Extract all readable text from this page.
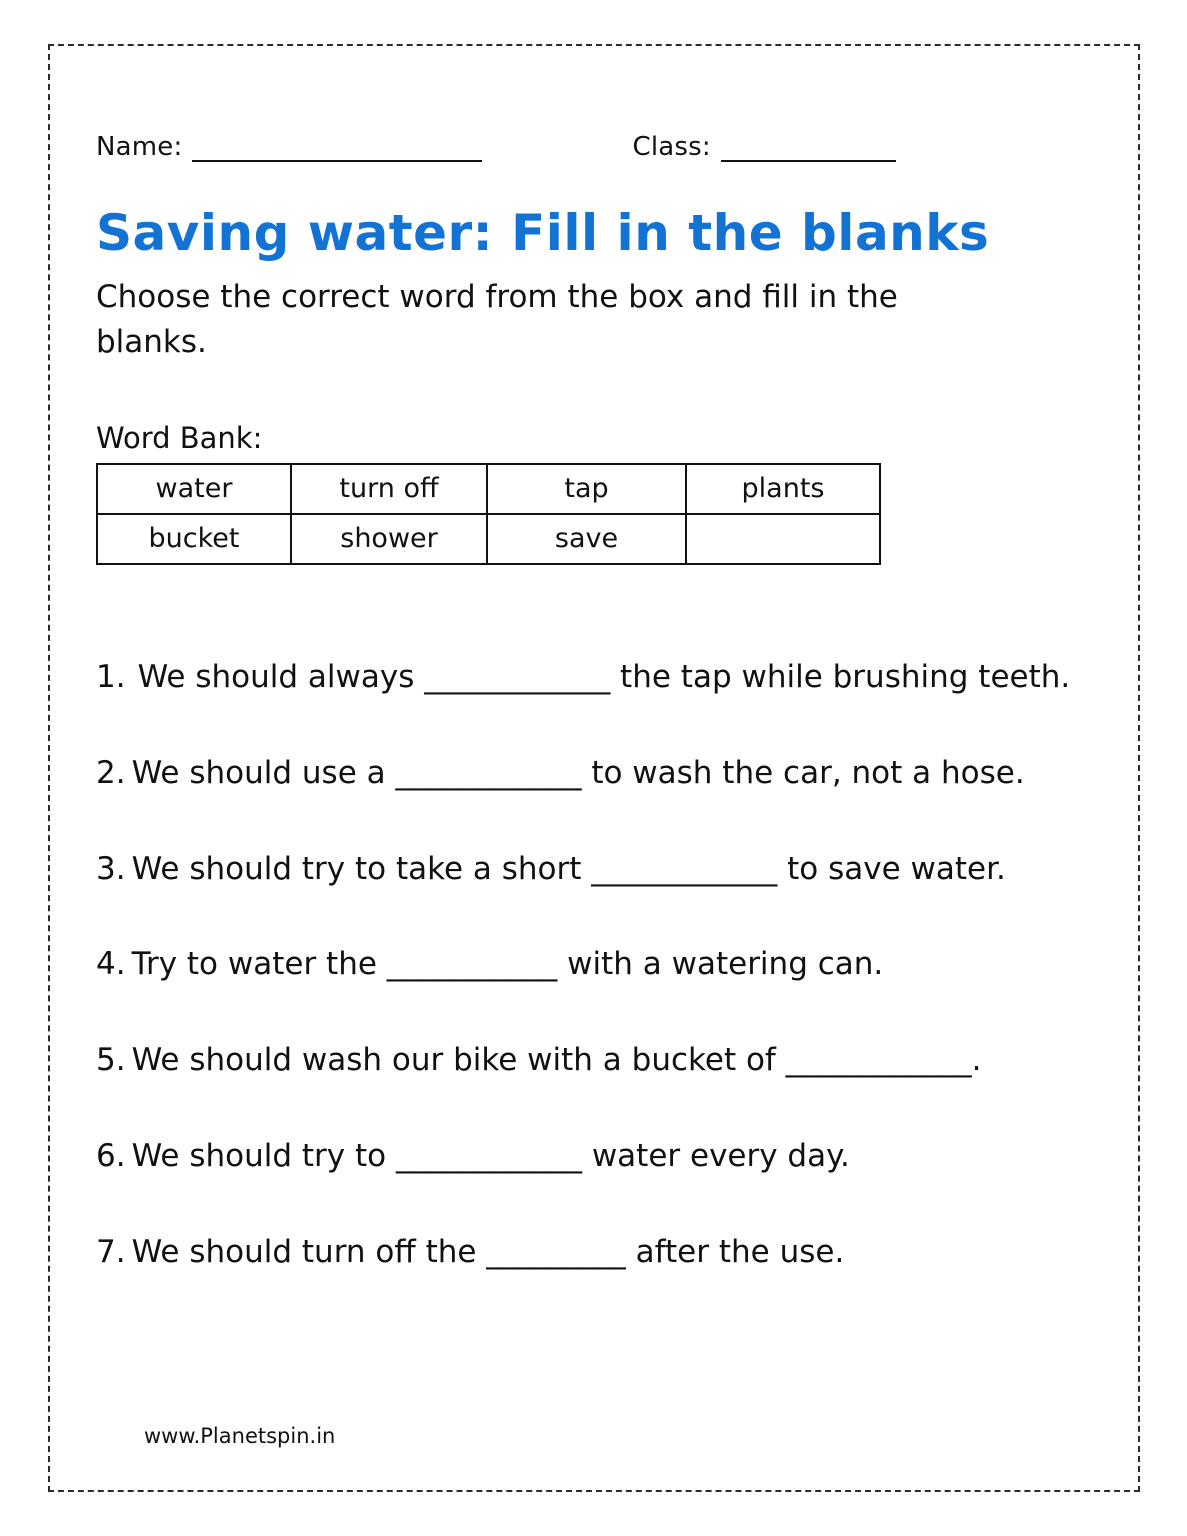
Name:	Class:
Saving water: Fill in the blanks
Choose the correct word from the box and fill in the blanks.
Word Bank:
water	turn off	tap	plants
bucket	shower	save	
1. We should always ____________ the tap while brushing teeth.
2. We should use a ____________ to wash the car, not a hose.
3. We should try to take a short ____________ to save water.
4. Try to water the ___________ with a watering can.
5. We should wash our bike with a bucket of ____________.
6. We should try to ____________ water every day.
7. We should turn off the _________ after the use.
www.Planetspin.in
